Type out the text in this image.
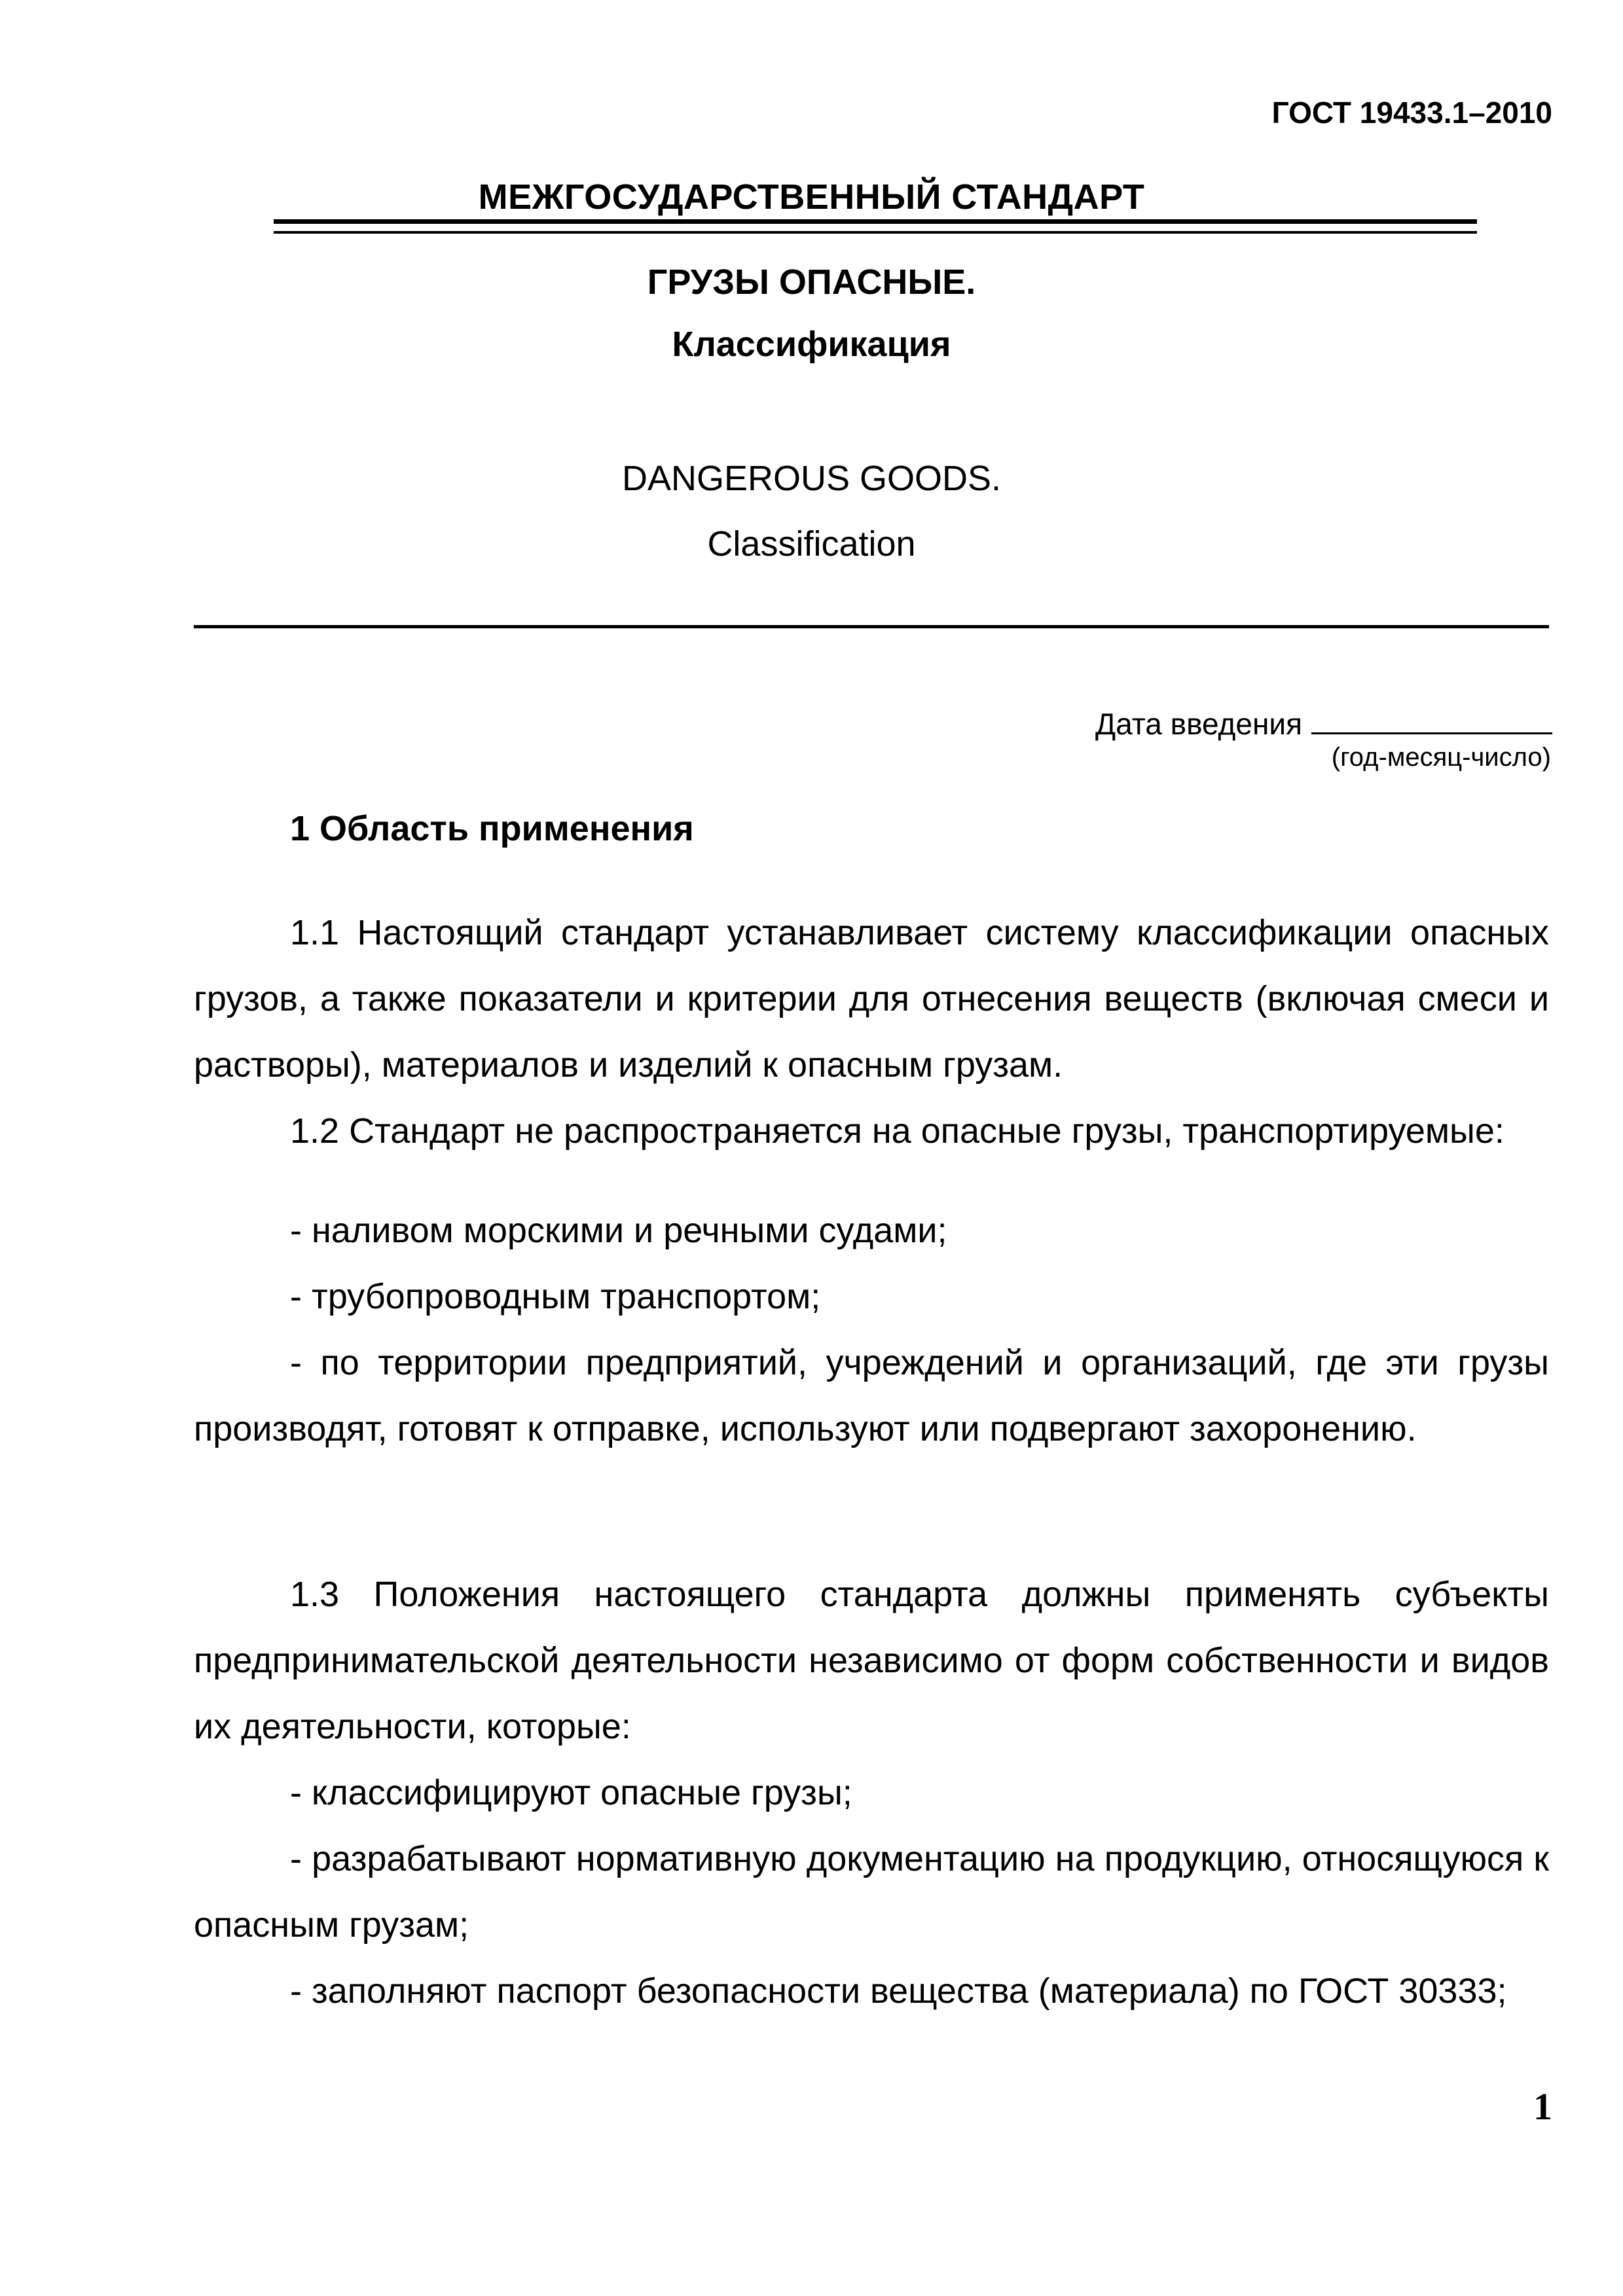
ГОСТ 19433.1–2010
МЕЖГОСУДАРСТВЕННЫЙ СТАНДАРТ
ГРУЗЫ ОПАСНЫЕ.
Классификация
DANGEROUS GOODS.
Classification
Дата введения
(год-месяц-число)
1 Область применения

1.1 Настоящий стандарт устанавливает систему классификации опасных грузов, а также показатели и критерии для отнесения веществ (включая смеси и растворы), материалов и изделий к опасным грузам.

1.2 Стандарт не распространяется на опасные грузы, транспортируемые:

- наливом морскими и речными судами;

- трубопроводным транспортом;

- по территории предприятий, учреждений и организаций, где эти грузы производят, готовят к отправке, используют или подвергают захоронению.

1.3 Положения настоящего стандарта должны применять субъекты предпринимательской деятельности независимо от форм собственности и видов их деятельности, которые:

- классифицируют опасные грузы;

- разрабатывают нормативную документацию на продукцию, относящуюся к опасным грузам;

- заполняют паспорт безопасности вещества (материала) по ГОСТ 30333;

1
